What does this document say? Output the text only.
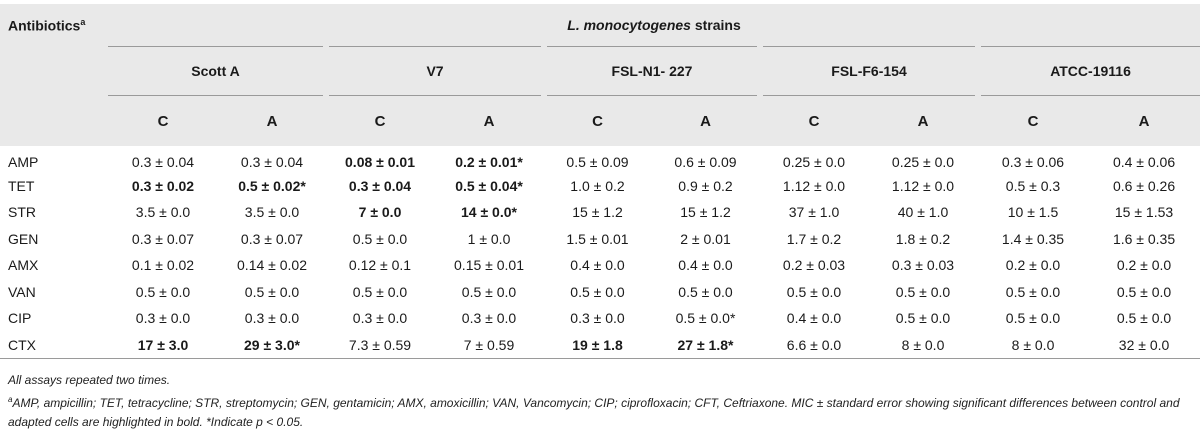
Antibiotics$^a$	L. monocytogenes strains									
	Scott A		V7		FSL-N1- 227		FSL-F6-154		ATCC-19116	
	C	A	C	A	C	A	C	A	C	A
AMP	0.3 ± 0.04	0.3 ± 0.04	0.08 ± 0.01	0.2 ± 0.01*	0.5 ± 0.09	0.6 ± 0.09	0.25 ± 0.0	0.25 ± 0.0	0.3 ± 0.06	0.4 ± 0.06
TET	0.3 ± 0.02	0.5 ± 0.02*	0.3 ± 0.04	0.5 ± 0.04*	1.0 ± 0.2	0.9 ± 0.2	1.12 ± 0.0	1.12 ± 0.0	0.5 ± 0.3	0.6 ± 0.26
STR	3.5 ± 0.0	3.5 ± 0.0	7 ± 0.0	14 ± 0.0*	15 ± 1.2	15 ± 1.2	37 ± 1.0	40 ± 1.0	10 ± 1.5	15 ± 1.53
GEN	0.3 ± 0.07	0.3 ± 0.07	0.5 ± 0.0	1 ± 0.0	1.5 ± 0.01	2 ± 0.01	1.7 ± 0.2	1.8 ± 0.2	1.4 ± 0.35	1.6 ± 0.35
AMX	0.1 ± 0.02	0.14 ± 0.02	0.12 ± 0.1	0.15 ± 0.01	0.4 ± 0.0	0.4 ± 0.0	0.2 ± 0.03	0.3 ± 0.03	0.2 ± 0.0	0.2 ± 0.0
VAN	0.5 ± 0.0	0.5 ± 0.0	0.5 ± 0.0	0.5 ± 0.0	0.5 ± 0.0	0.5 ± 0.0	0.5 ± 0.0	0.5 ± 0.0	0.5 ± 0.0	0.5 ± 0.0
CIP	0.3 ± 0.0	0.3 ± 0.0	0.3 ± 0.0	0.3 ± 0.0	0.3 ± 0.0	0.5 ± 0.0*	0.4 ± 0.0	0.5 ± 0.0	0.5 ± 0.0	0.5 ± 0.0
CTX	17 ± 3.0	29 ± 3.0*	7.3 ± 0.59	7 ± 0.59	19 ± 1.8	27 ± 1.8*	6.6 ± 0.0	8 ± 0.0	8 ± 0.0	32 ± 0.0

All assays repeated two times.

$^a$AMP, ampicillin; TET, tetracycline; STR, streptomycin; GEN, gentamicin; AMX, amoxicillin; VAN, Vancomycin; CIP; ciprofloxacin; CFT, Ceftriaxone. MIC ± standard error showing significant differences between control and adapted cells are highlighted in bold. *Indicate p < 0.05.
